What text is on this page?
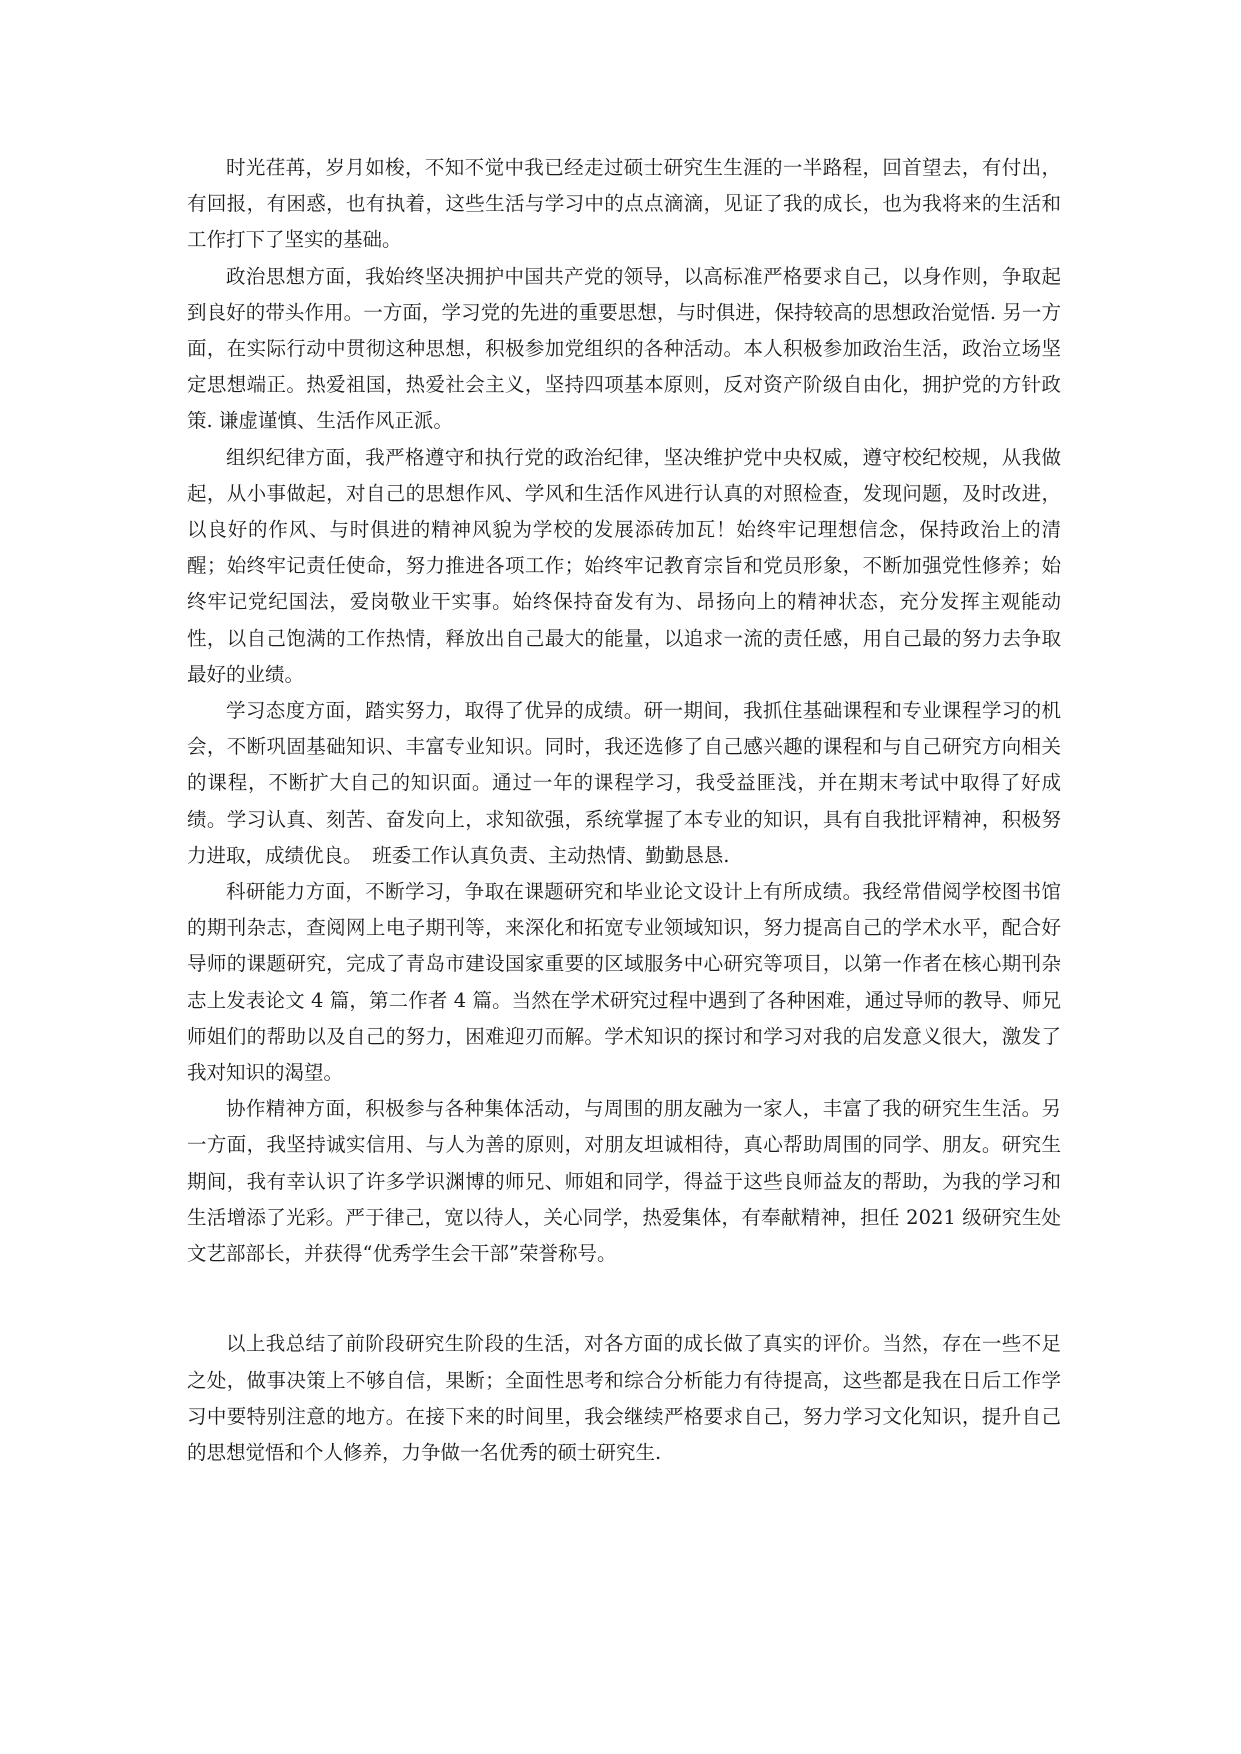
时光荏苒，岁月如梭，不知不觉中我已经走过硕士研究生生涯的一半路程，回首望去，有付出，有回报，有困惑，也有执着，这些生活与学习中的点点滴滴，见证了我的成长，也为我将来的生活和工作打下了坚实的基础。

政治思想方面，我始终坚决拥护中国共产党的领导，以高标准严格要求自己，以身作则，争取起到良好的带头作用。一方面，学习党的先进的重要思想，与时俱进，保持较高的思想政治觉悟. 另一方面，在实际行动中贯彻这种思想，积极参加党组织的各种活动。本人积极参加政治生活，政治立场坚定思想端正。热爱祖国，热爱社会主义，坚持四项基本原则，反对资产阶级自由化，拥护党的方针政策. 谦虚谨慎、生活作风正派。

组织纪律方面，我严格遵守和执行党的政治纪律，坚决维护党中央权威，遵守校纪校规，从我做起，从小事做起，对自己的思想作风、学风和生活作风进行认真的对照检查，发现问题，及时改进，以良好的作风、与时俱进的精神风貌为学校的发展添砖加瓦！始终牢记理想信念，保持政治上的清醒；始终牢记责任使命，努力推进各项工作；始终牢记教育宗旨和党员形象，不断加强党性修养；始终牢记党纪国法，爱岗敬业干实事。始终保持奋发有为、昂扬向上的精神状态，充分发挥主观能动性，以自己饱满的工作热情，释放出自己最大的能量，以追求一流的责任感，用自己最的努力去争取最好的业绩。

学习态度方面，踏实努力，取得了优异的成绩。研一期间，我抓住基础课程和专业课程学习的机会，不断巩固基础知识、丰富专业知识。同时，我还选修了自己感兴趣的课程和与自己研究方向相关的课程，不断扩大自己的知识面。通过一年的课程学习，我受益匪浅，并在期末考试中取得了好成绩。学习认真、刻苦、奋发向上，求知欲强，系统掌握了本专业的知识，具有自我批评精神，积极努力进取，成绩优良。　班委工作认真负责、主动热情、勤勤恳恳.

科研能力方面，不断学习，争取在课题研究和毕业论文设计上有所成绩。我经常借阅学校图书馆的期刊杂志，查阅网上电子期刊等，来深化和拓宽专业领域知识，努力提高自己的学术水平，配合好导师的课题研究，完成了青岛市建设国家重要的区域服务中心研究等项目，以第一作者在核心期刊杂志上发表论文 4 篇，第二作者 4 篇。当然在学术研究过程中遇到了各种困难，通过导师的教导、师兄师姐们的帮助以及自己的努力，困难迎刃而解。学术知识的探讨和学习对我的启发意义很大，激发了我对知识的渴望。

协作精神方面，积极参与各种集体活动，与周围的朋友融为一家人，丰富了我的研究生生活。另一方面，我坚持诚实信用、与人为善的原则，对朋友坦诚相待，真心帮助周围的同学、朋友。研究生期间，我有幸认识了许多学识渊博的师兄、师姐和同学，得益于这些良师益友的帮助，为我的学习和生活增添了光彩。严于律己，宽以待人，关心同学，热爱集体，有奉献精神，担任 2021 级研究生处文艺部部长，并获得“优秀学生会干部”荣誉称号。

以上我总结了前阶段研究生阶段的生活，对各方面的成长做了真实的评价。当然，存在一些不足之处，做事决策上不够自信，果断；全面性思考和综合分析能力有待提高，这些都是我在日后工作学习中要特别注意的地方。在接下来的时间里，我会继续严格要求自己，努力学习文化知识，提升自己的思想觉悟和个人修养，力争做一名优秀的硕士研究生.
